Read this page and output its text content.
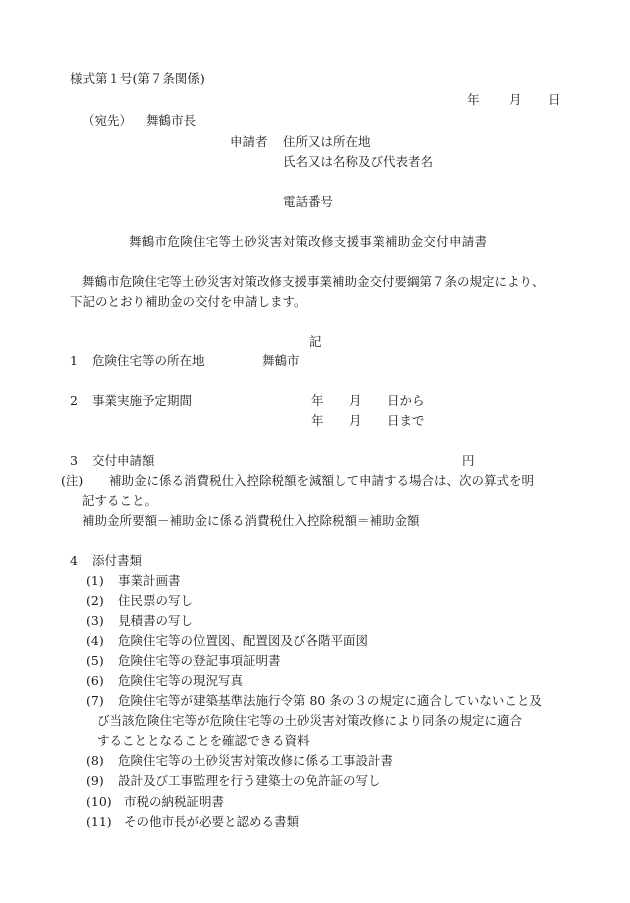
様式第１号(第７条関係)
年 月 日
（宛先） 舞鶴市長
申請者 住所又は所在地
氏名又は名称及び代表者名
電話番号
舞鶴市危険住宅等土砂災害対策改修支援事業補助金交付申請書
舞鶴市危険住宅等土砂災害対策改修支援事業補助金交付要綱第７条の規定により、
下記のとおり補助金の交付を申請します。
記
1 危険住宅等の所在地	舞鶴市
2 事業実施予定期間	年 月 日から
年 月 日まで
3 交付申請額	円
(注) 補助金に係る消費税仕入控除税額を減額して申請する場合は、次の算式を明
記すること。
補助金所要額－補助金に係る消費税仕入控除税額＝補助金額
4 添付書類
(1) 事業計画書
(2) 住民票の写し
(3) 見積書の写し
(4) 危険住宅等の位置図、配置図及び各階平面図
(5) 危険住宅等の登記事項証明書
(6) 危険住宅等の現況写真
(7) 危険住宅等が建築基準法施行令第 80 条の３の規定に適合していないこと及
び当該危険住宅等が危険住宅等の土砂災害対策改修により同条の規定に適合
することとなることを確認できる資料
(8) 危険住宅等の土砂災害対策改修に係る工事設計書
(9) 設計及び工事監理を行う建築士の免許証の写し
(10) 市税の納税証明書
(11) その他市長が必要と認める書類
